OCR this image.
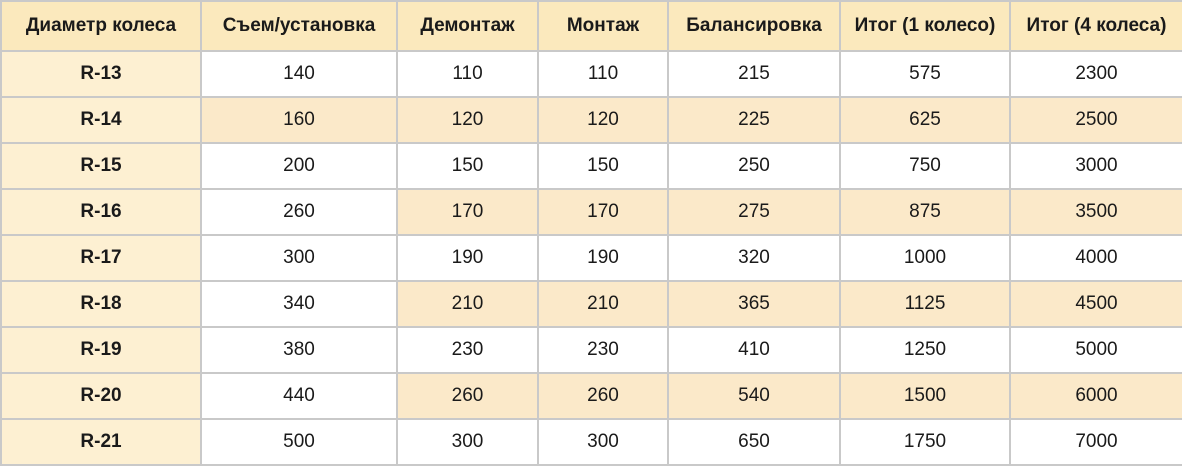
Диаметр колеса	Съем/установка	Демонтаж	Монтаж	Балансировка	Итог (1 колесо)	Итог (4 колеса)
R-13	140	110	110	215	575	2300
R-14	160	120	120	225	625	2500
R-15	200	150	150	250	750	3000
R-16	260	170	170	275	875	3500
R-17	300	190	190	320	1000	4000
R-18	340	210	210	365	1125	4500
R-19	380	230	230	410	1250	5000
R-20	440	260	260	540	1500	6000
R-21	500	300	300	650	1750	7000
